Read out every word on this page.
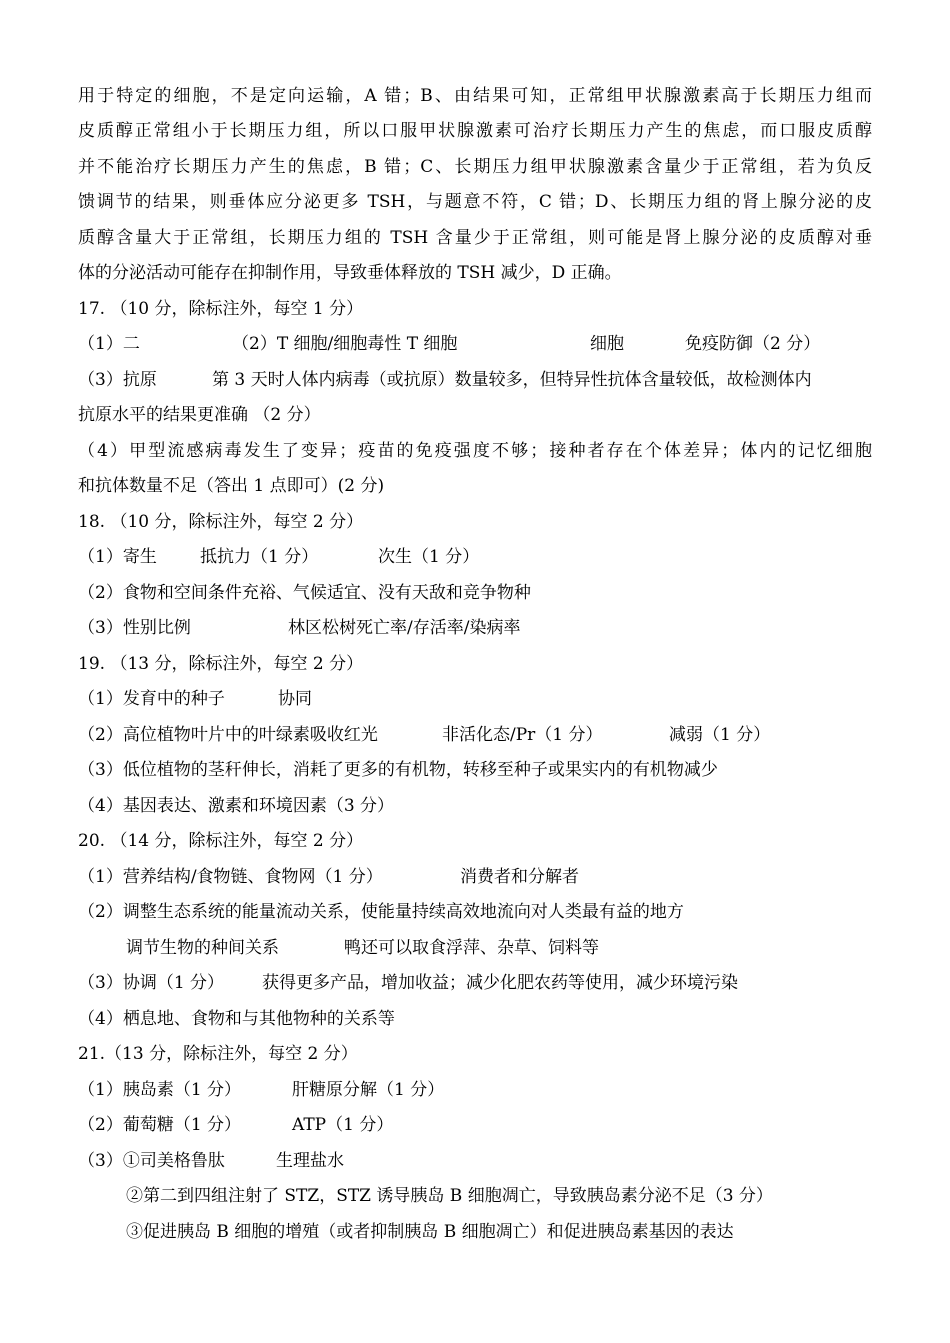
用于特定的细胞，不是定向运输，A 错；B、由结果可知，正常组甲状腺激素高于长期压力组而
皮质醇正常组小于长期压力组，所以口服甲状腺激素可治疗长期压力产生的焦虑，而口服皮质醇
并不能治疗长期压力产生的焦虑，B 错；C、长期压力组甲状腺激素含量少于正常组，若为负反
馈调节的结果，则垂体应分泌更多 TSH，与题意不符，C 错；D、长期压力组的肾上腺分泌的皮
质醇含量大于正常组，长期压力组的 TSH 含量少于正常组，则可能是肾上腺分泌的皮质醇对垂
体的分泌活动可能存在抑制作用，导致垂体释放的 TSH 减少，D 正确。
17. （10 分，除标注外，每空 1 分）
（1）二	（2）T 细胞/细胞毒性 T 细胞	细胞	免疫防御（2 分）
（3）抗原	第 3 天时人体内病毒（或抗原）数量较多，但特异性抗体含量较低，故检测体内
抗原水平的结果更准确 （2 分）
（4）甲型流感病毒发生了变异；疫苗的免疫强度不够；接种者存在个体差异；体内的记忆细胞
和抗体数量不足（答出 1 点即可）(2 分)
18. （10 分，除标注外，每空 2 分）
（1）寄生	抵抗力（1 分）	次生（1 分）
（2）食物和空间条件充裕、气候适宜、没有天敌和竞争物种
（3）性别比例	林区松树死亡率/存活率/染病率
19. （13 分，除标注外，每空 2 分）
（1）发育中的种子	协同
（2）高位植物叶片中的叶绿素吸收红光	非活化态/Pr（1 分）	减弱（1 分）
（3）低位植物的茎秆伸长，消耗了更多的有机物，转移至种子或果实内的有机物减少
（4）基因表达、激素和环境因素（3 分）
20. （14 分，除标注外，每空 2 分）
（1）营养结构/食物链、食物网（1 分）	消费者和分解者
（2）调整生态系统的能量流动关系，使能量持续高效地流向对人类最有益的地方
调节生物的种间关系	鸭还可以取食浮萍、杂草、饲料等
（3）协调（1 分） 获得更多产品，增加收益；减少化肥农药等使用，减少环境污染
（4）栖息地、食物和与其他物种的关系等
21.（13 分，除标注外，每空 2 分）
（1）胰岛素（1 分）	肝糖原分解（1 分）
（2）葡萄糖（1 分）	ATP（1 分）
（3）①司美格鲁肽	生理盐水
②第二到四组注射了 STZ，STZ 诱导胰岛 B 细胞凋亡，导致胰岛素分泌不足（3 分）
③促进胰岛 B 细胞的增殖（或者抑制胰岛 B 细胞凋亡）和促进胰岛素基因的表达
